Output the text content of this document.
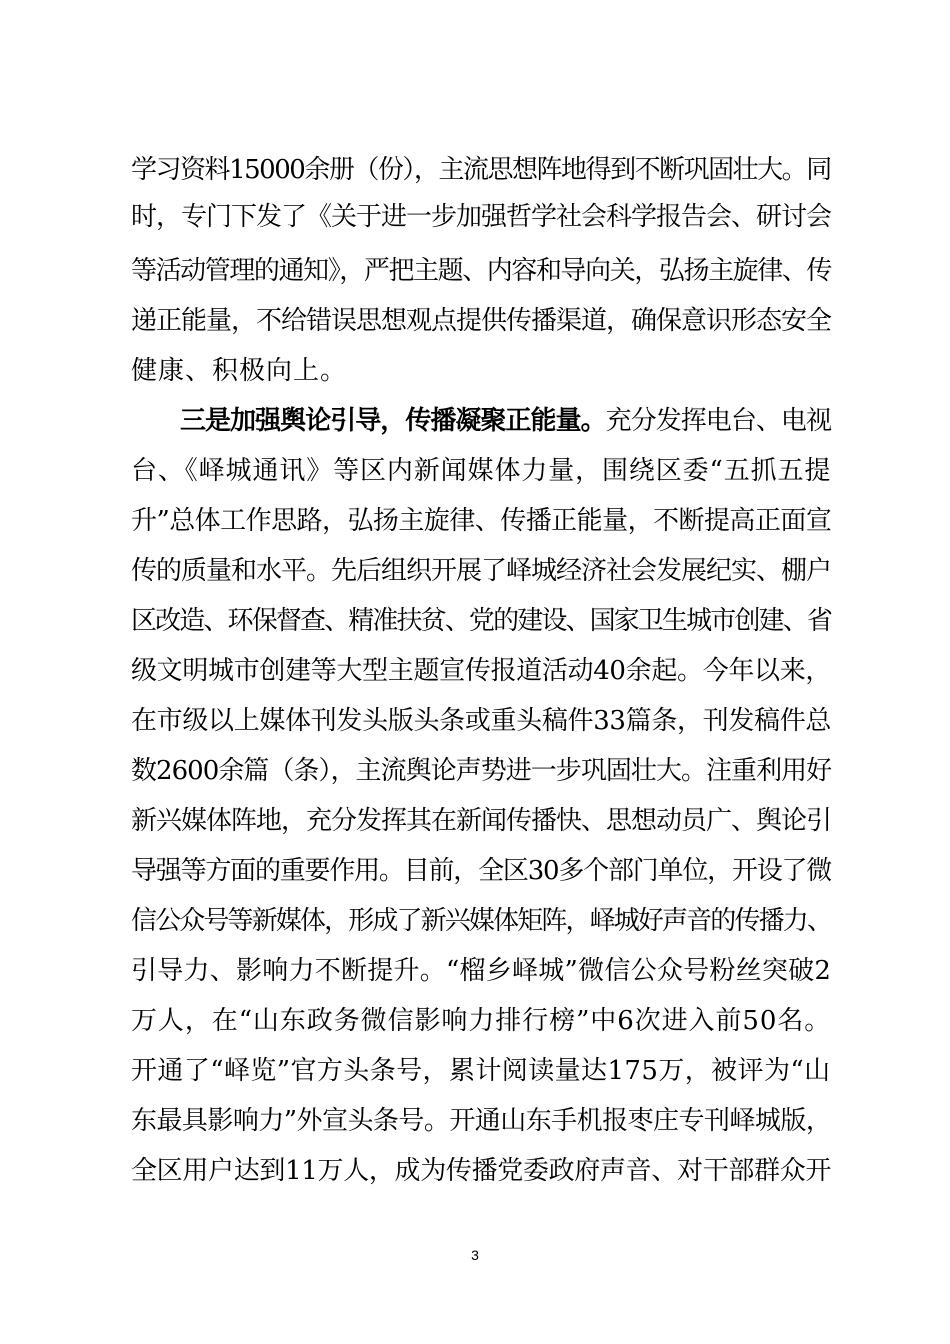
学习资料15000余册（份），主流思想阵地得到不断巩固壮大。同
时，专门下发了《关于进一步加强哲学社会科学报告会、研讨会
等活动管理的通知》，严把主题、内容和导向关，弘扬主旋律、传
递正能量，不给错误思想观点提供传播渠道，确保意识形态安全
健康、积极向上。
三是加强舆论引导，传播凝聚正能量。充分发挥电台、电视
台、《峄城通讯》等区内新闻媒体力量，围绕区委“五抓五提
升”总体工作思路，弘扬主旋律、传播正能量，不断提高正面宣
传的质量和水平。先后组织开展了峄城经济社会发展纪实、棚户
区改造、环保督查、精准扶贫、党的建设、国家卫生城市创建、省
级文明城市创建等大型主题宣传报道活动40余起。今年以来，
在市级以上媒体刊发头版头条或重头稿件33篇条，刊发稿件总
数2600余篇（条），主流舆论声势进一步巩固壮大。注重利用好
新兴媒体阵地，充分发挥其在新闻传播快、思想动员广、舆论引
导强等方面的重要作用。目前，全区30多个部门单位，开设了微
信公众号等新媒体，形成了新兴媒体矩阵，峄城好声音的传播力、
引导力、影响力不断提升。“榴乡峄城”微信公众号粉丝突破2
万人，在“山东政务微信影响力排行榜”中6次进入前50名。
开通了“峄览”官方头条号，累计阅读量达175万，被评为“山
东最具影响力”外宣头条号。开通山东手机报枣庄专刊峄城版，
全区用户达到11万人，成为传播党委政府声音、对干部群众开
3
